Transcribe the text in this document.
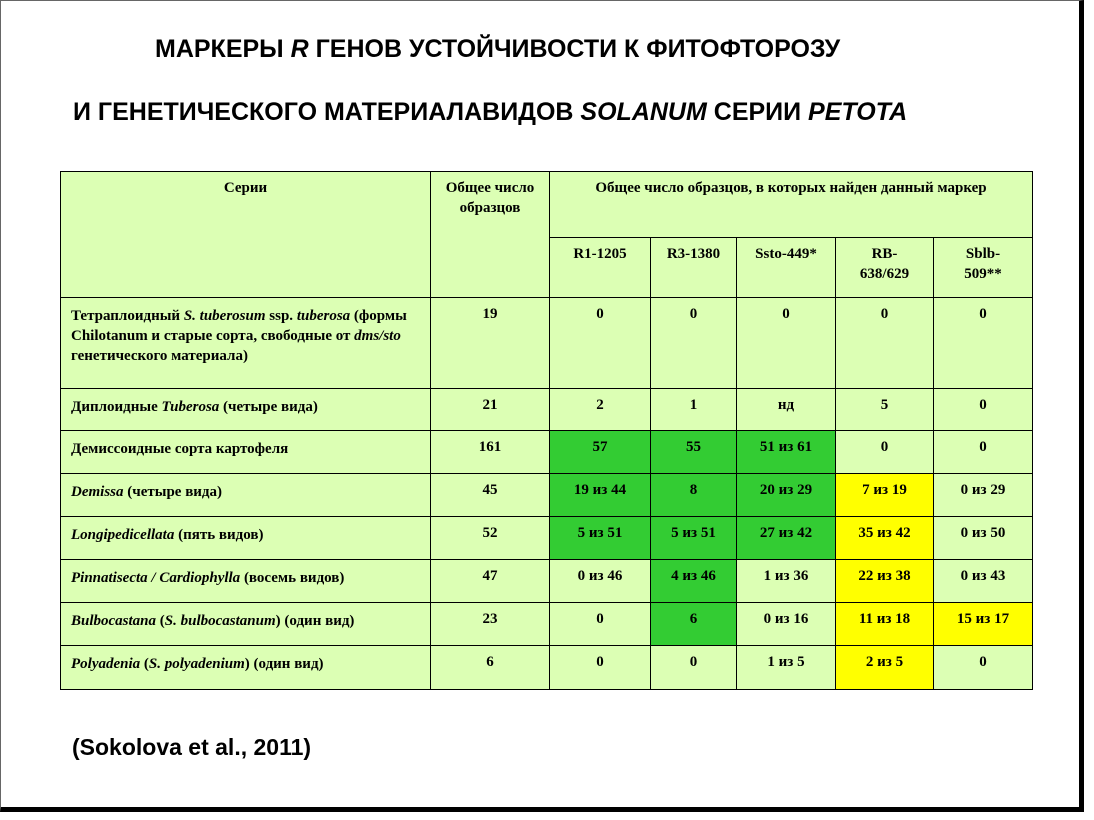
МАРКЕРЫ R ГЕНОВ УСТОЙЧИВОСТИ К ФИТОФТОРОЗУ
И ГЕНЕТИЧЕСКОГО МАТЕРИАЛАВИДОВ SOLANUM СЕРИИ PETOTA
Серии	Общее число образцов	Общее число образцов, в которых найден данный маркер				
		R1-1205	R3-1380	Ssto-449*	RB-638/629	Sblb-509**

Тетраплоидный S. tuberosum ssp. tuberosa (формы Chilotanum и старые сорта, свободные от dms/sto генетического материала)	19	0	0	0	0	0
Диплоидные Tuberosa (четыре вида)	21	2	1	нд	5	0
Демиссоидные сорта картофеля	161	57	55	51 из 61	0	0
Demissa (четыре вида)	45	19 из 44	8	20 из 29	7 из 19	0 из 29
Longipedicellata (пять видов)	52	5 из 51	5 из 51	27 из 42	35 из 42	0 из 50
Pinnatisecta / Cardiophylla (восемь видов)	47	0 из 46	4 из 46	1 из 36	22 из 38	0 из 43
Bulbocastana (S. bulbocastanum) (один вид)	23	0	6	0 из 16	11 из 18	15 из 17
Polyadenia (S. polyadenium) (один вид)	6	0	0	1 из 5	2 из 5	0
(Sokolova et al., 2011)
